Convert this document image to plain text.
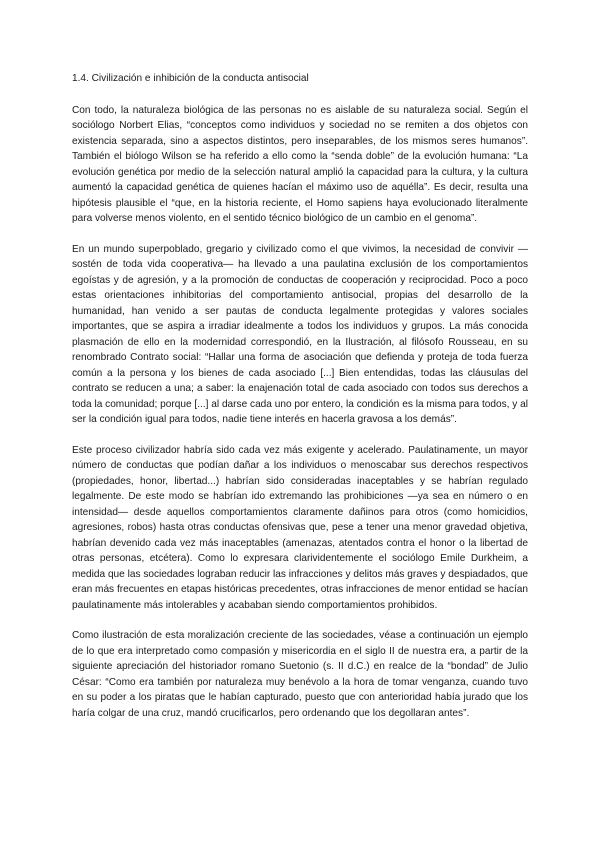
1.4. Civilización e inhibición de la conducta antisocial

Con todo, la naturaleza biológica de las personas no es aislable de su naturaleza social. Según el sociólogo Norbert Elias, “conceptos como individuos y sociedad no se remiten a dos objetos con existencia separada, sino a aspectos distintos, pero inseparables, de los mismos seres humanos”. También el biólogo Wilson se ha referido a ello como la “senda doble” de la evolución humana: “La evolución genética por medio de la selección natural amplió la capacidad para la cultura, y la cultura aumentó la capacidad genética de quienes hacían el máximo uso de aquélla”. Es decir, resulta una hipótesis plausible el “que, en la historia reciente, el Homo sapiens haya evolucionado literalmente para volverse menos violento, en el sentido técnico biológico de un cambio en el genoma”.

En un mundo superpoblado, gregario y civilizado como el que vivimos, la necesidad de convivir —sostén de toda vida cooperativa— ha llevado a una paulatina exclusión de los comportamientos egoístas y de agresión, y a la promoción de conductas de cooperación y reciprocidad. Poco a poco estas orientaciones inhibitorias del comportamiento antisocial, propias del desarrollo de la humanidad, han venido a ser pautas de conducta legalmente protegidas y valores sociales importantes, que se aspira a irradiar idealmente a todos los individuos y grupos. La más conocida plasmación de ello en la modernidad correspondió, en la Ilustración, al filósofo Rousseau, en su renombrado Contrato social: “Hallar una forma de asociación que defienda y proteja de toda fuerza común a la persona y los bienes de cada asociado [...] Bien entendidas, todas las cláusulas del contrato se reducen a una; a saber: la enajenación total de cada asociado con todos sus derechos a toda la comunidad; porque [...] al darse cada uno por entero, la condición es la misma para todos, y al ser la condición igual para todos, nadie tiene interés en hacerla gravosa a los demás”.

Este proceso civilizador habría sido cada vez más exigente y acelerado. Paulatinamente, un mayor número de conductas que podían dañar a los individuos o menoscabar sus derechos respectivos (propiedades, honor, libertad...) habrían sido consideradas inaceptables y se habrían regulado legalmente. De este modo se habrían ido extremando las prohibiciones —ya sea en número o en intensidad— desde aquellos comportamientos claramente dañinos para otros (como homicidios, agresiones, robos) hasta otras conductas ofensivas que, pese a tener una menor gravedad objetiva, habrían devenido cada vez más inaceptables (amenazas, atentados contra el honor o la libertad de otras personas, etcétera). Como lo expresara clarividentemente el sociólogo Emile Durkheim, a medida que las sociedades lograban reducir las infracciones y delitos más graves y despiadados, que eran más frecuentes en etapas históricas precedentes, otras infracciones de menor entidad se hacían paulatinamente más intolerables y acababan siendo comportamientos prohibidos.

Como ilustración de esta moralización creciente de las sociedades, véase a continuación un ejemplo de lo que era interpretado como compasión y misericordia en el siglo II de nuestra era, a partir de la siguiente apreciación del historiador romano Suetonio (s. II d.C.) en realce de la “bondad” de Julio César: “Como era también por naturaleza muy benévolo a la hora de tomar venganza, cuando tuvo en su poder a los piratas que le habían capturado, puesto que con anterioridad había jurado que los haría colgar de una cruz, mandó crucificarlos, pero ordenando que los degollaran antes”.
